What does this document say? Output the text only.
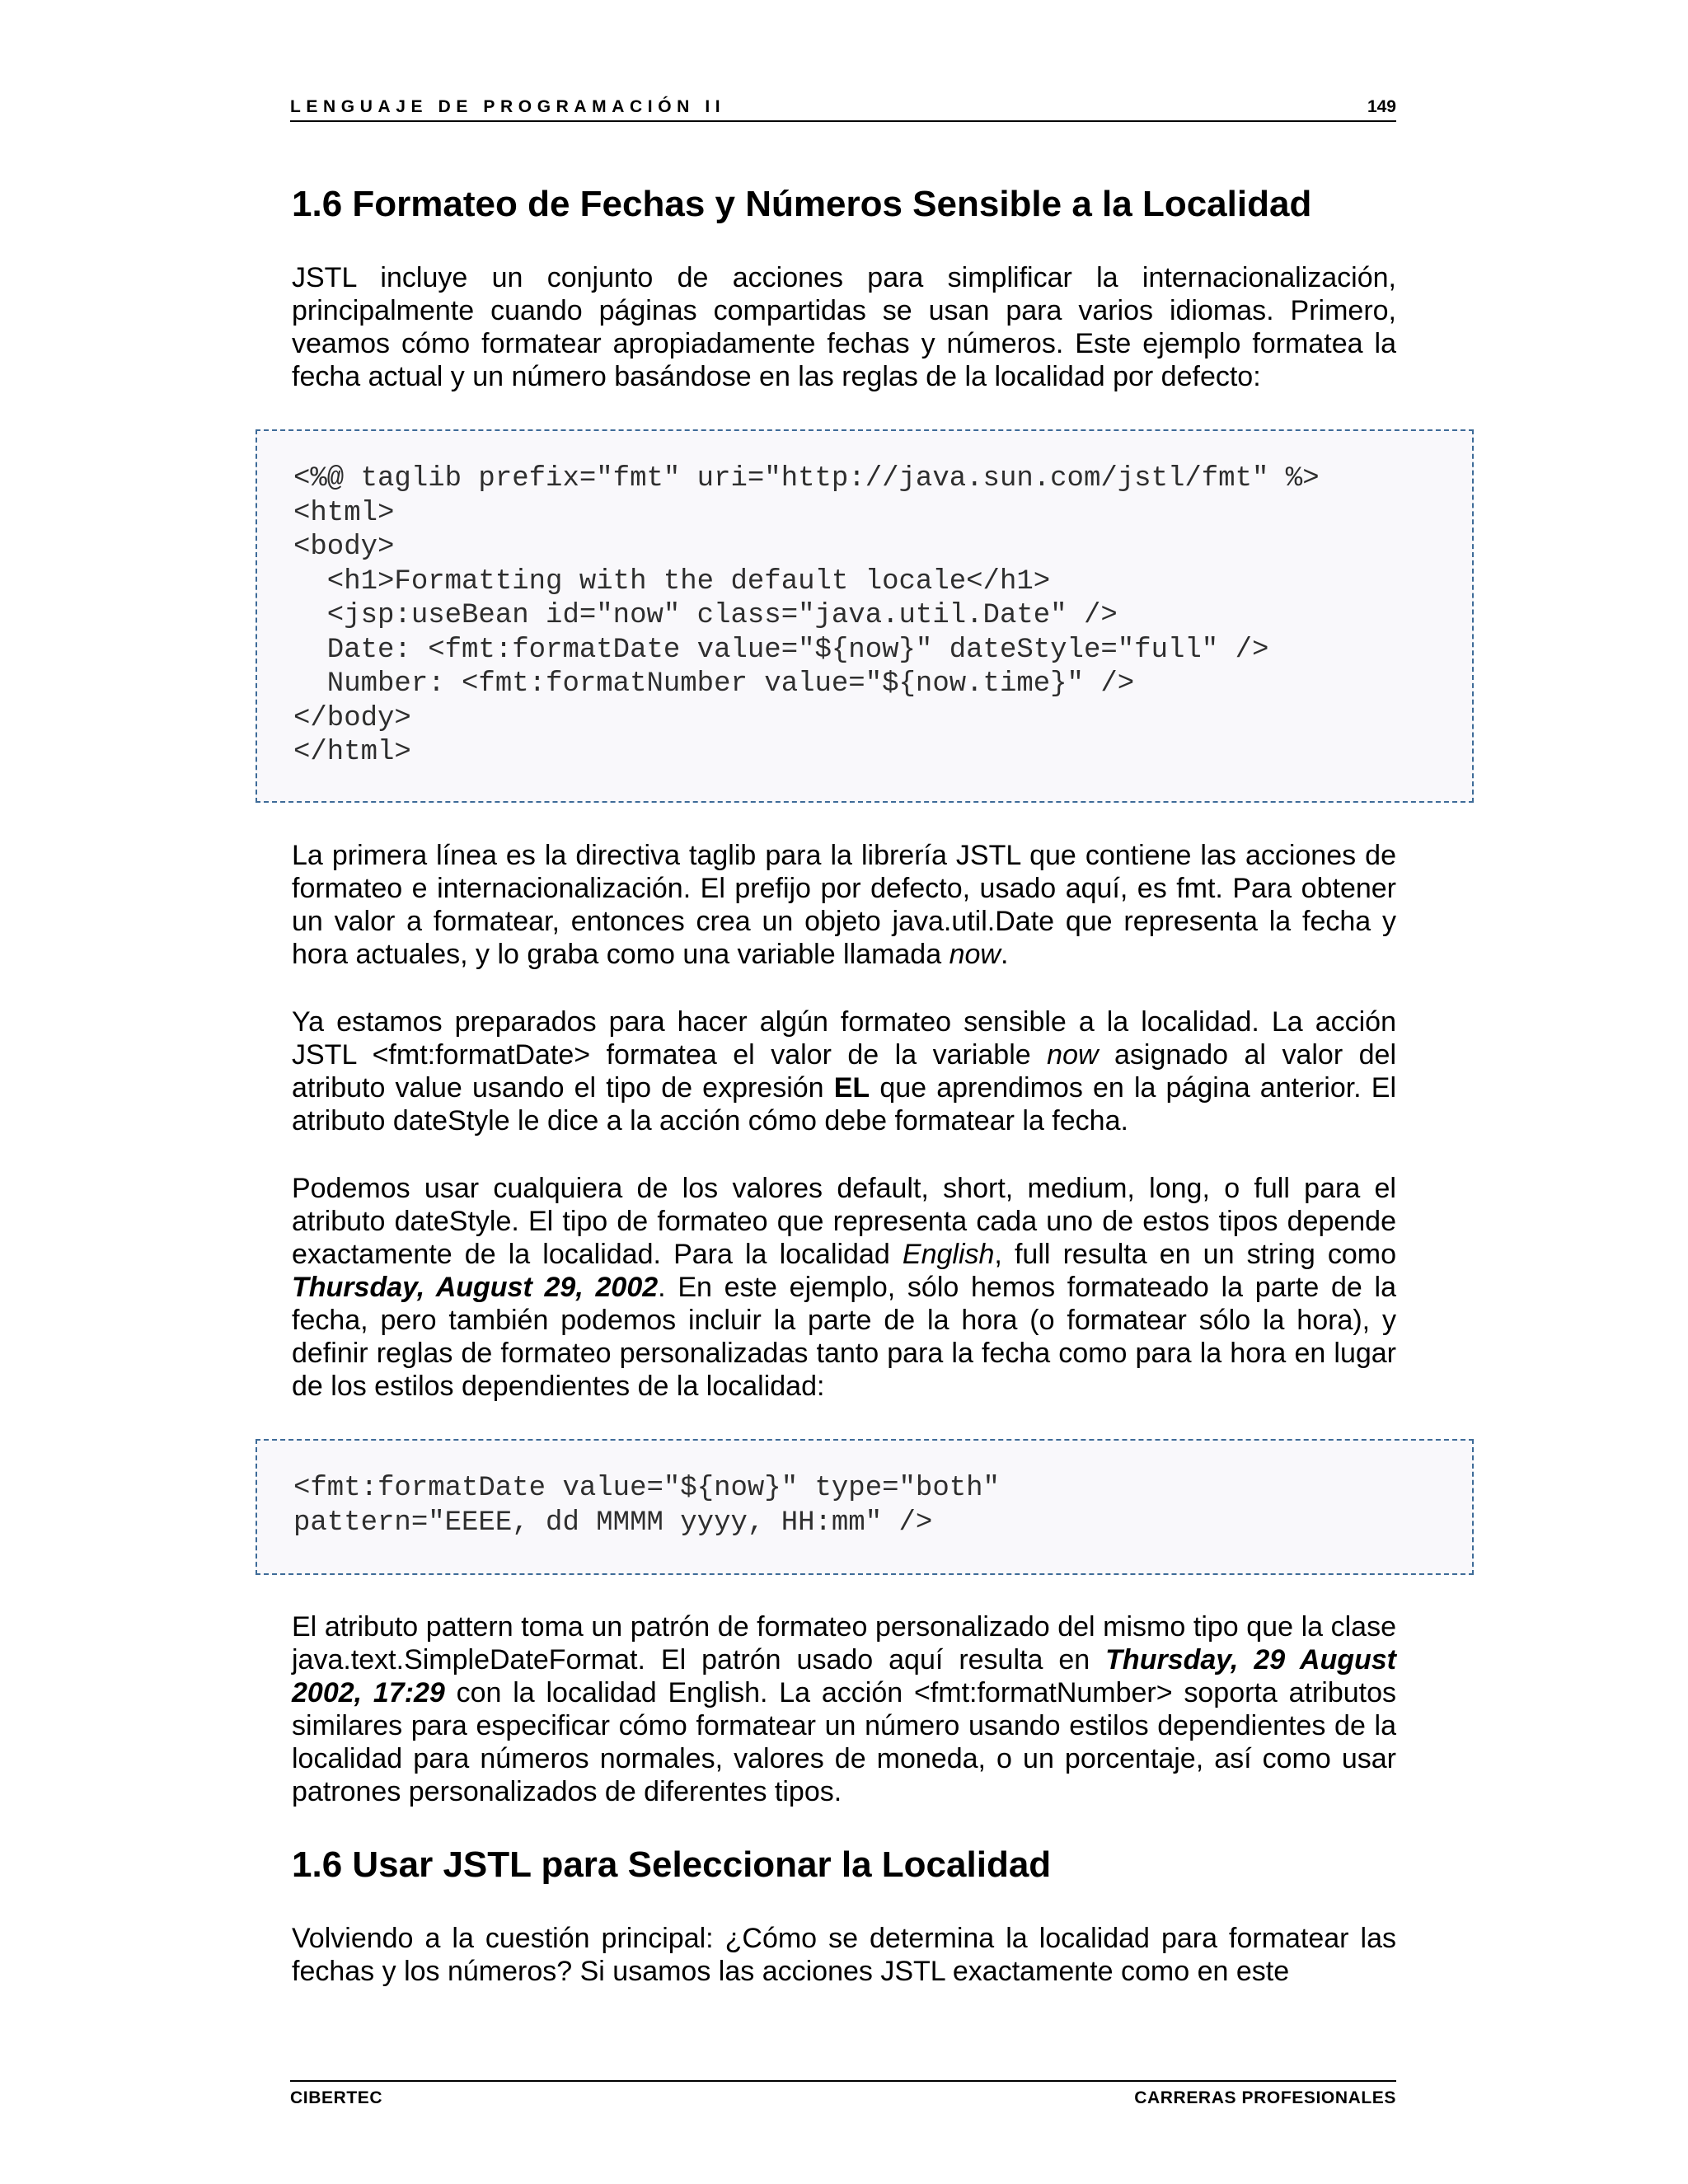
LENGUAJE DE PROGRAMACIÓN II	149
1.6 Formateo de Fechas y Números Sensible a la Localidad

JSTL incluye un conjunto de acciones para simplificar la internacionalización, principalmente cuando páginas compartidas se usan para varios idiomas. Primero, veamos cómo formatear apropiadamente fechas y números. Este ejemplo formatea la fecha actual y un número basándose en las reglas de la localidad por defecto:

<%@ taglib prefix="fmt" uri="http://java.sun.com/jstl/fmt" %>
<html>
<body>
<h1>Formatting with the default locale</h1>
<jsp:useBean id="now" class="java.util.Date" />
Date: <fmt:formatDate value="${now}" dateStyle="full" />
Number: <fmt:formatNumber value="${now.time}" />
</body>
</html>

La primera línea es la directiva taglib para la librería JSTL que contiene las acciones de formateo e internacionalización. El prefijo por defecto, usado aquí, es fmt. Para obtener un valor a formatear, entonces crea un objeto java.util.Date que representa la fecha y hora actuales, y lo graba como una variable llamada now.

Ya estamos preparados para hacer algún formateo sensible a la localidad. La acción JSTL <fmt:formatDate> formatea el valor de la variable now asignado al valor del atributo value usando el tipo de expresión EL que aprendimos en la página anterior. El atributo dateStyle le dice a la acción cómo debe formatear la fecha.

Podemos usar cualquiera de los valores default, short, medium, long, o full para el atributo dateStyle. El tipo de formateo que representa cada uno de estos tipos depende exactamente de la localidad. Para la localidad English, full resulta en un string como Thursday, August 29, 2002. En este ejemplo, sólo hemos formateado la parte de la fecha, pero también podemos incluir la parte de la hora (o formatear sólo la hora), y definir reglas de formateo personalizadas tanto para la fecha como para la hora en lugar de los estilos dependientes de la localidad:

<fmt:formatDate value="${now}" type="both"
pattern="EEEE, dd MMMM yyyy, HH:mm" />

El atributo pattern toma un patrón de formateo personalizado del mismo tipo que la clase java.text.SimpleDateFormat. El patrón usado aquí resulta en Thursday, 29 August 2002, 17:29 con la localidad English. La acción <fmt:formatNumber> soporta atributos similares para especificar cómo formatear un número usando estilos dependientes de la localidad para números normales, valores de moneda, o un porcentaje, así como usar patrones personalizados de diferentes tipos.

1.6 Usar JSTL para Seleccionar la Localidad

Volviendo a la cuestión principal: ¿Cómo se determina la localidad para formatear las fechas y los números? Si usamos las acciones JSTL exactamente como en este

CIBERTEC	CARRERAS PROFESIONALES
